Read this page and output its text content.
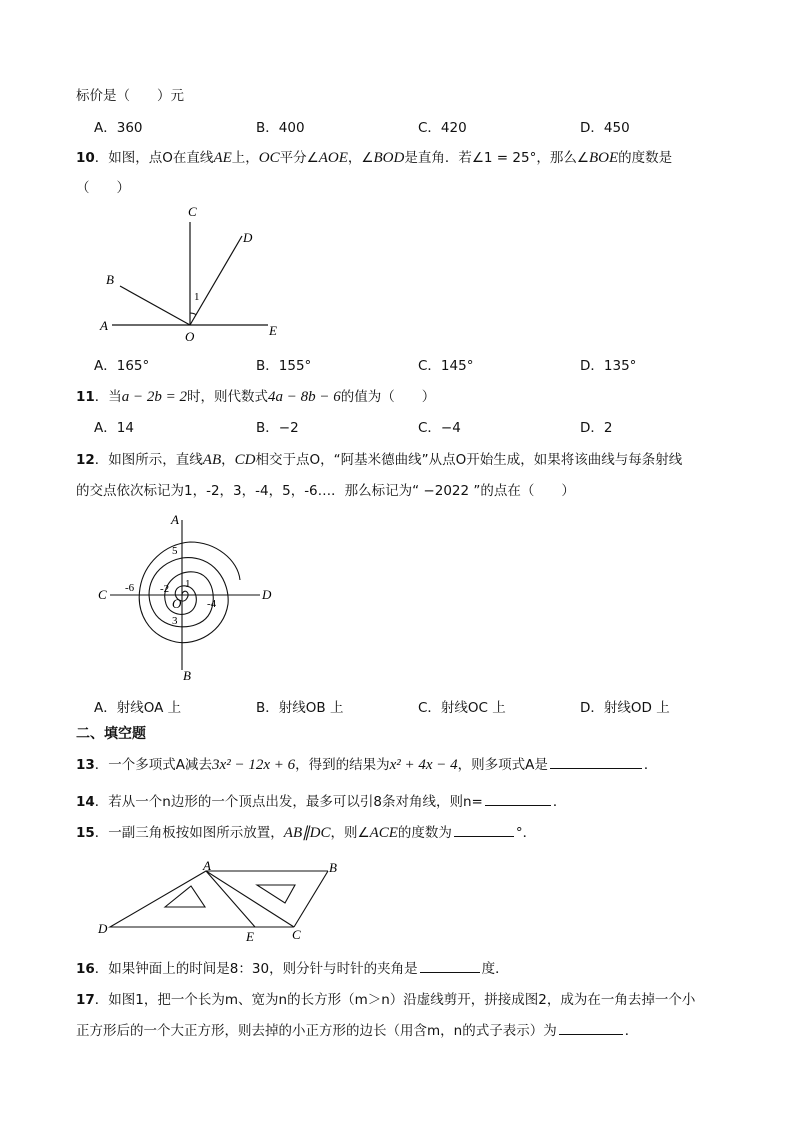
标价是（　　）元
A．360	B．400	C．420	D．450
10．如图，点O在直线AE上，OC平分∠AOE，∠BOD是直角．若∠1 = 25°，那么∠BOE的度数是
（　　）
A
B
C
D
E
O
1
A．165°	B．155°	C．145°	D．135°
11．当a − 2b = 2时，则代数式4a − 8b − 6的值为（　　）
A．14	B．−2	C．−4	D．2
12．如图所示，直线AB，CD相交于点O，“阿基米德曲线”从点O开始生成，如果将该曲线与每条射线
的交点依次标记为1，-2，3，-4，5，-6…．那么标记为“ −2022 ”的点在（　　）
A
B
C	D
O
1
-2
3
-4
5
-6
A．射线OA 上	B．射线OB 上	C．射线OC 上	D．射线OD 上
二、填空题
13．一个多项式A减去3x² − 12x + 6，得到的结果为x² + 4x − 4，则多项式A是	．
14．若从一个n边形的一个顶点出发，最多可以引8条对角线，则n=	．
15．一副三角板按如图所示放置，AB∥DC，则∠ACE的度数为	°．
A	B
C
D
E
16．如果钟面上的时间是8：30，则分针与时针的夹角是	度．
17．如图1，把一个长为m、宽为n的长方形（m＞n）沿虚线剪开，拼接成图2，成为在一角去掉一个小
正方形后的一个大正方形，则去掉的小正方形的边长（用含m，n的式子表示）为	．
